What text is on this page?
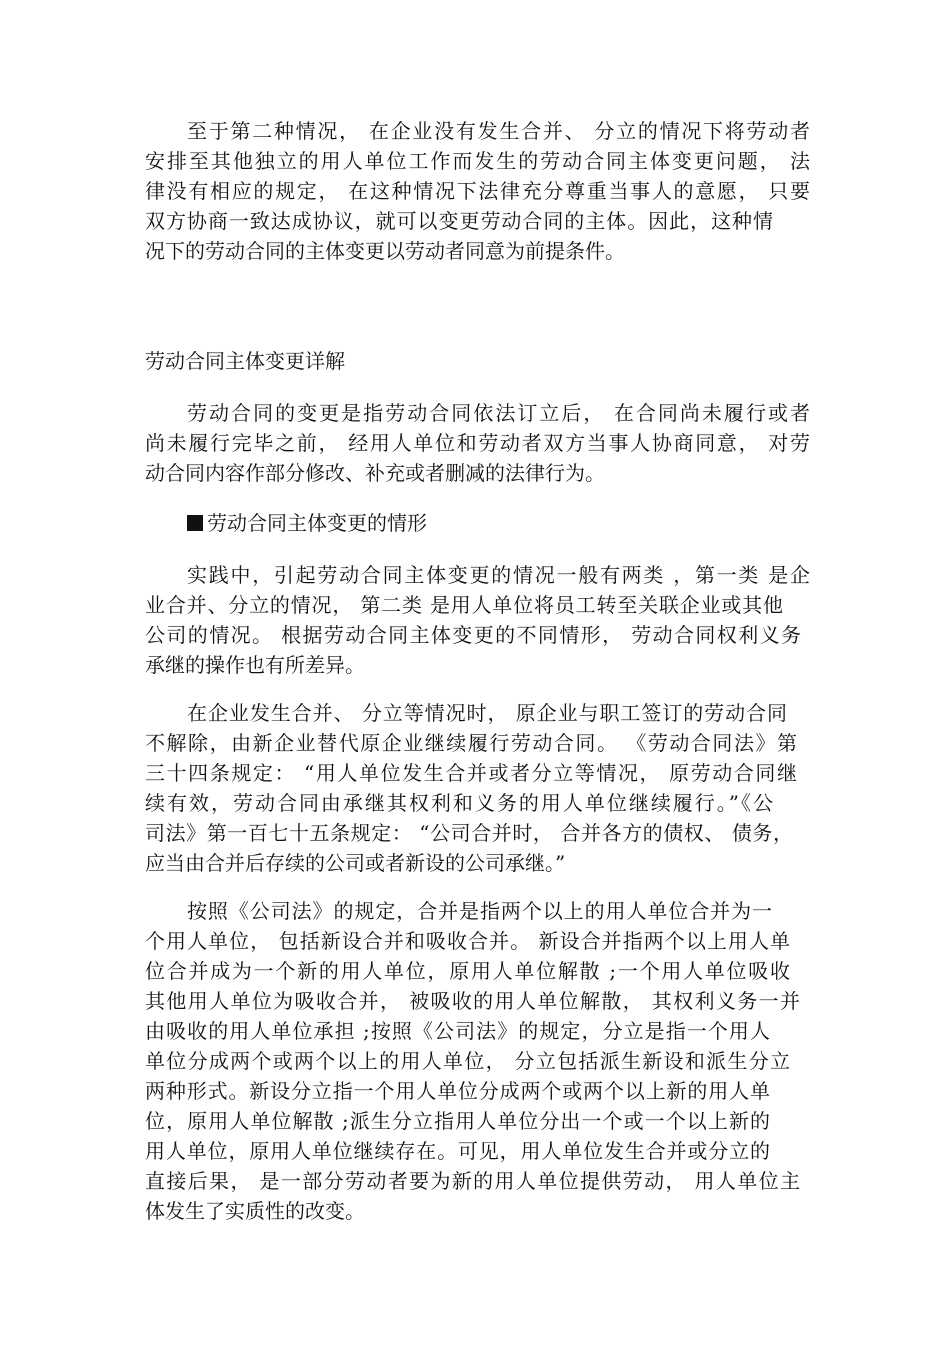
至于第二种情况， 在企业没有发生合并、 分立的情况下将劳动者
安排至其他独立的用人单位工作而发生的劳动合同主体变更问题， 法
律没有相应的规定， 在这种情况下法律充分尊重当事人的意愿， 只要
双方协商一致达成协议，就可以变更劳动合同的主体。因此，这种情
况下的劳动合同的主体变更以劳动者同意为前提条件。
劳动合同主体变更详解
劳动合同的变更是指劳动合同依法订立后， 在合同尚未履行或者
尚未履行完毕之前， 经用人单位和劳动者双方当事人协商同意， 对劳
动合同内容作部分修改、补充或者删减的法律行为。
劳动合同主体变更的情形
实践中，引起劳动合同主体变更的情况一般有两类 ，第一类 是企
业合并、分立的情况， 第二类 是用人单位将员工转至关联企业或其他
公司的情况。 根据劳动合同主体变更的不同情形， 劳动合同权利义务
承继的操作也有所差异。
在企业发生合并、 分立等情况时， 原企业与职工签订的劳动合同
不解除，由新企业替代原企业继续履行劳动合同。 《劳动合同法》第
三十四条规定： “用人单位发生合并或者分立等情况， 原劳动合同继
续有效，劳动合同由承继其权利和义务的用人单位继续履行。”《公
司法》第一百七十五条规定： “公司合并时， 合并各方的债权、 债务，
应当由合并后存续的公司或者新设的公司承继。”
按照《公司法》的规定，合并是指两个以上的用人单位合并为一
个用人单位， 包括新设合并和吸收合并。 新设合并指两个以上用人单
位合并成为一个新的用人单位，原用人单位解散 ;一个用人单位吸收
其他用人单位为吸收合并， 被吸收的用人单位解散， 其权利义务一并
由吸收的用人单位承担 ;按照《公司法》的规定，分立是指一个用人
单位分成两个或两个以上的用人单位， 分立包括派生新设和派生分立
两种形式。新设分立指一个用人单位分成两个或两个以上新的用人单
位，原用人单位解散 ;派生分立指用人单位分出一个或一个以上新的
用人单位，原用人单位继续存在。可见，用人单位发生合并或分立的
直接后果， 是一部分劳动者要为新的用人单位提供劳动， 用人单位主
体发生了实质性的改变。
